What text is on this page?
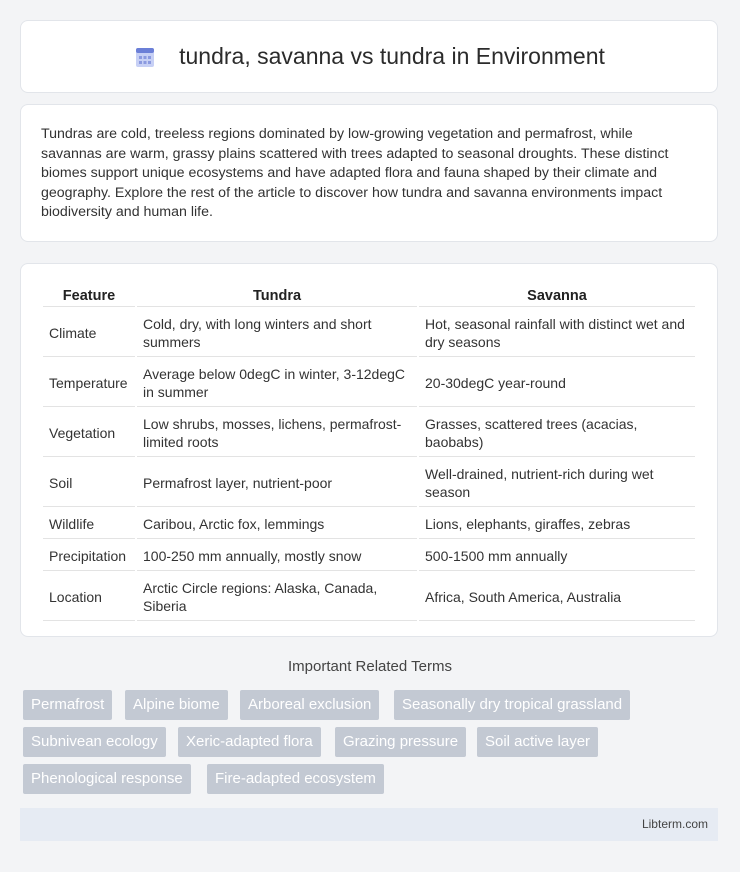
tundra, savanna vs tundra in Environment

Tundras are cold, treeless regions dominated by low-growing vegetation and permafrost, while savannas are warm, grassy plains scattered with trees adapted to seasonal droughts. These distinct biomes support unique ecosystems and have adapted flora and fauna shaped by their climate and geography. Explore the rest of the article to discover how tundra and savanna environments impact biodiversity and human life.

Feature	Tundra	Savanna
Climate	Cold, dry, with long winters and short summers	Hot, seasonal rainfall with distinct wet and dry seasons
Temperature	Average below 0degC in winter, 3-12degC in summer	20-30degC year-round
Vegetation	Low shrubs, mosses, lichens, permafrost-limited roots	Grasses, scattered trees (acacias, baobabs)
Soil	Permafrost layer, nutrient-poor	Well-drained, nutrient-rich during wet season
Wildlife	Caribou, Arctic fox, lemmings	Lions, elephants, giraffes, zebras
Precipitation	100-250 mm annually, mostly snow	500-1500 mm annually
Location	Arctic Circle regions: Alaska, Canada, Siberia	Africa, South America, Australia
Important Related Terms
Permafrost	Alpine biome	Arboreal exclusion	Seasonally dry tropical grassland
Subnivean ecology	Xeric-adapted flora	Grazing pressure	Soil active layer
Phenological response	Fire-adapted ecosystem
Libterm.com
